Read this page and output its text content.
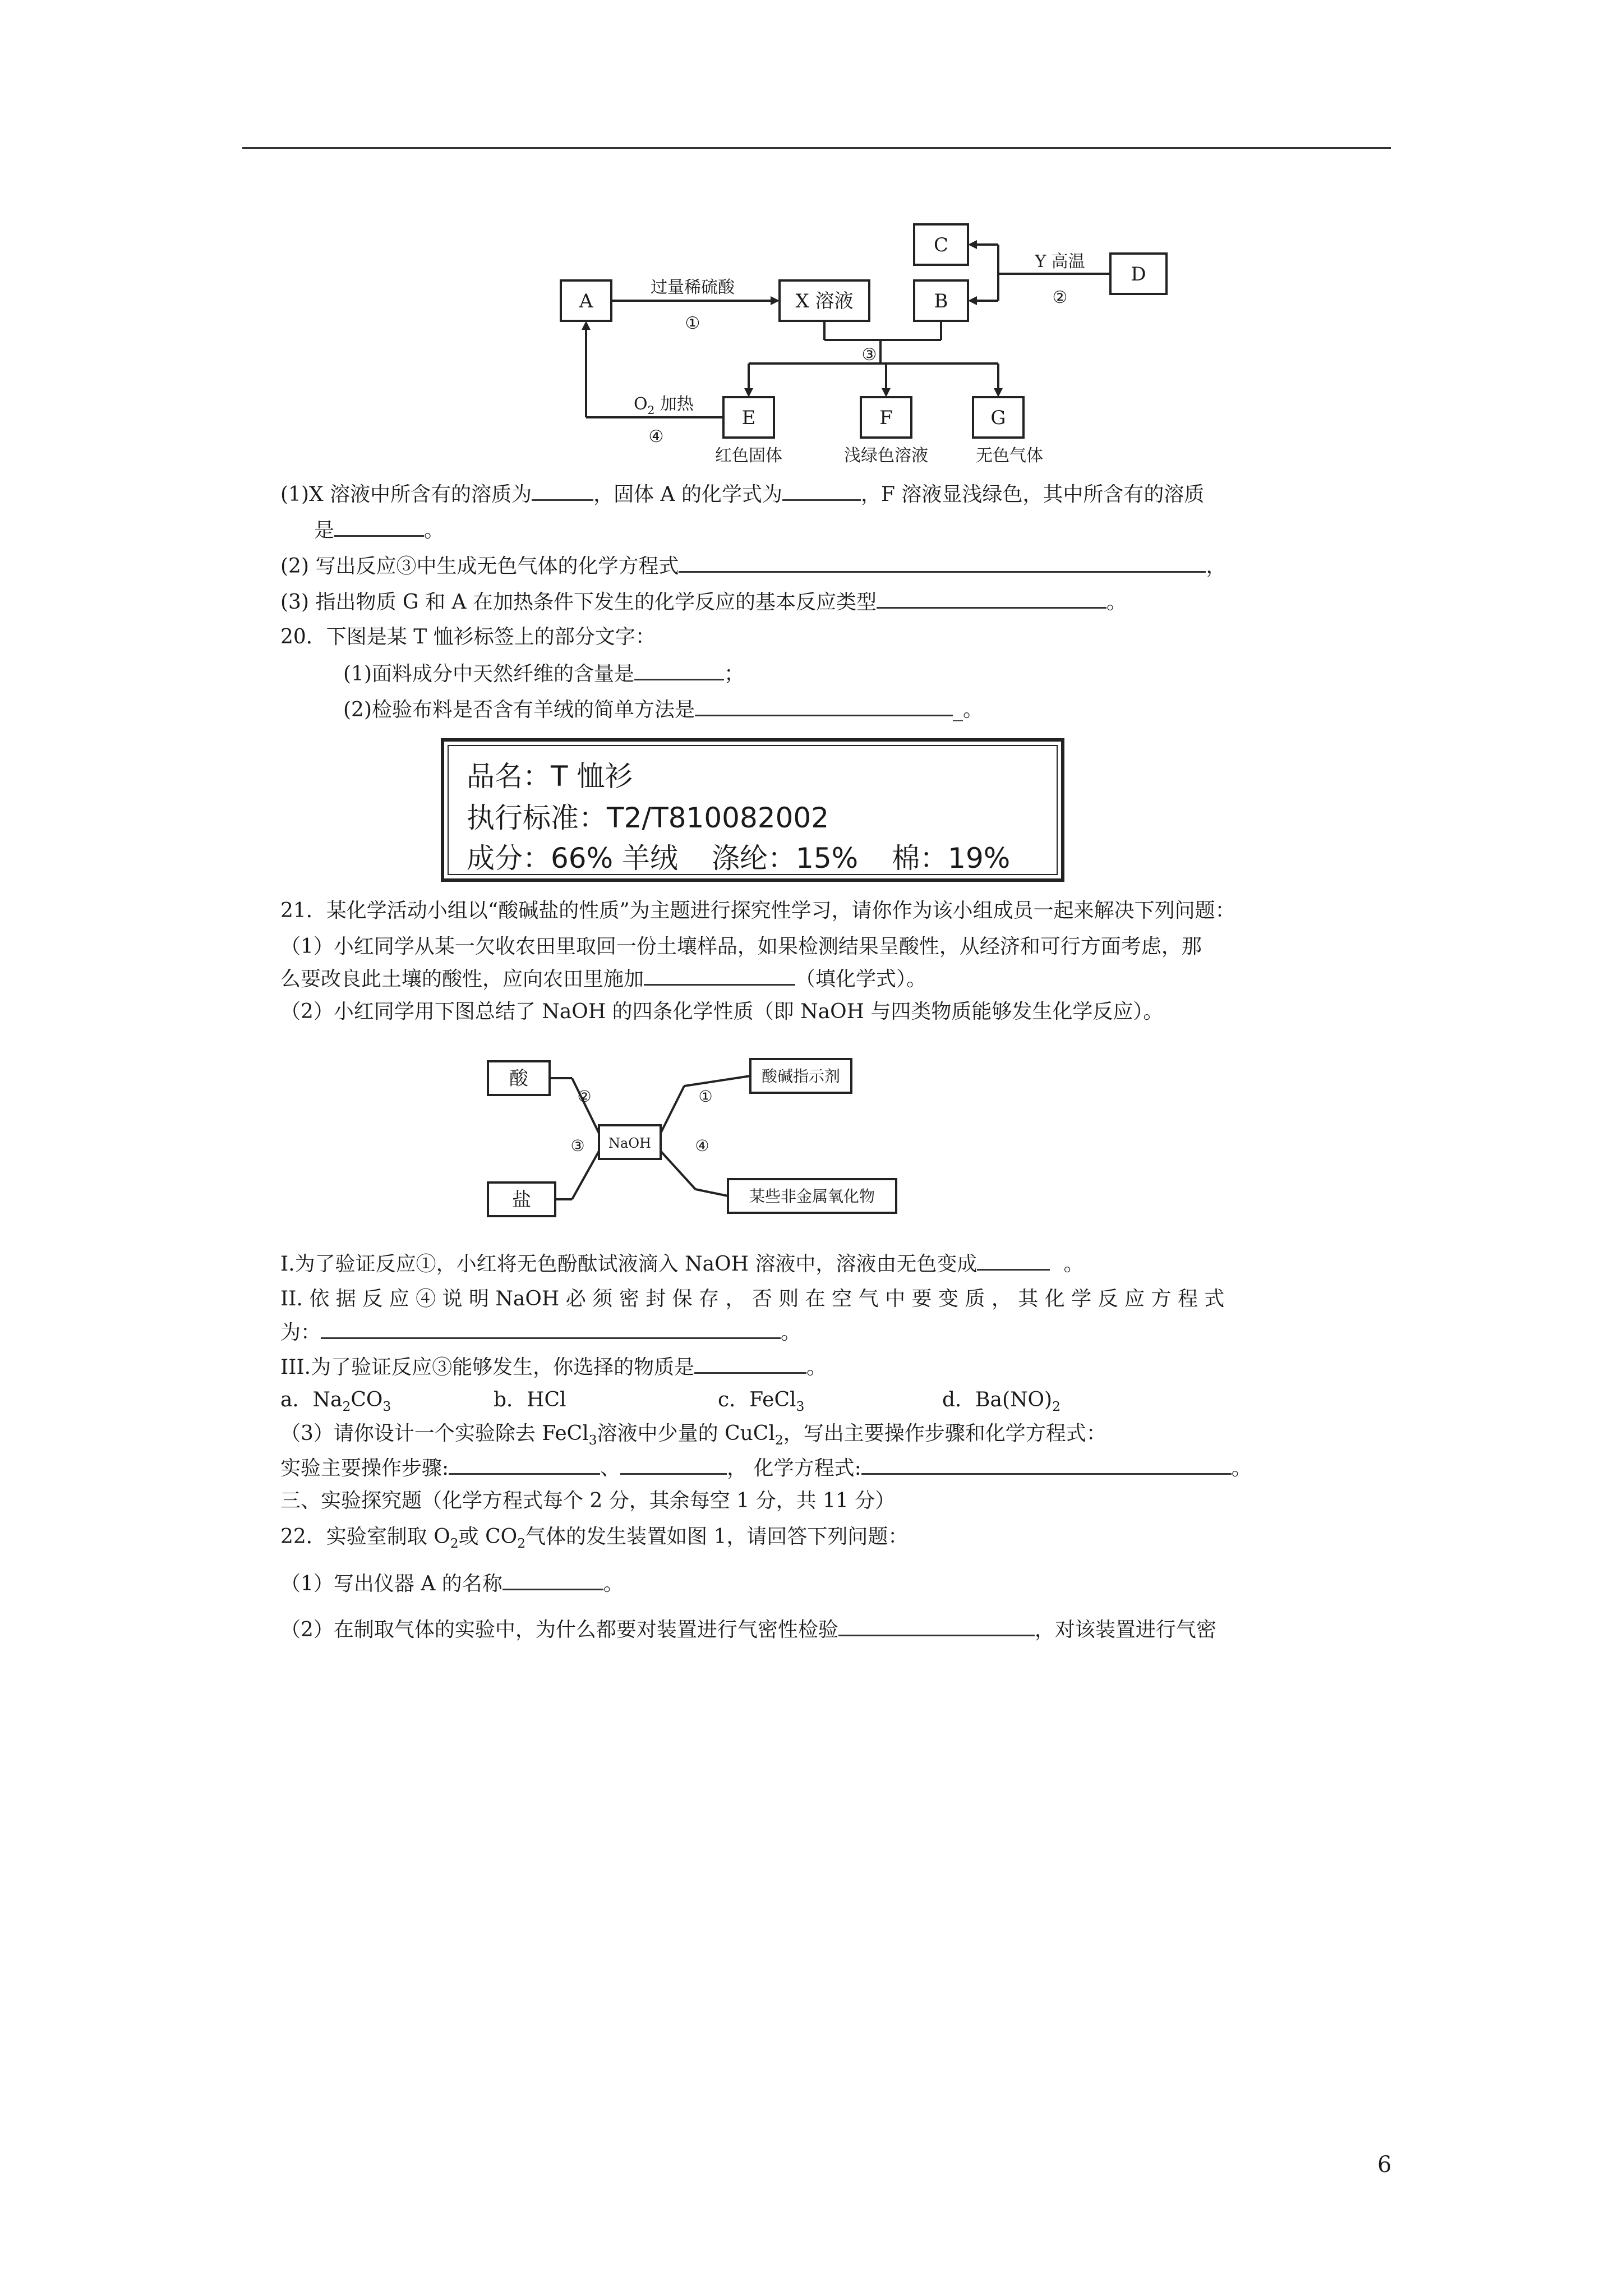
A	X 溶液	B
C
D
E	F	G
过量稀硫酸
①
Y 高温
②
③
$O_2$ 加热
④
红色固体	浅绿色溶液	无色气体
(1)X 溶液中所含有的溶质为	，固体 A 的化学式为	，F 溶液显浅绿色，其中所含有的溶质
是	。
(2) 写出反应③中生成无色气体的化学方程式	，
(3) 指出物质 G 和 A 在加热条件下发生的化学反应的基本反应类型	。
20．下图是某 T 恤衫标签上的部分文字：
(1)面料成分中天然纤维的含量是	；
(2)检验布料是否含有羊绒的简单方法是	_。
品名：T 恤衫
执行标准：T2/T810082002
成分：66% 羊绒 涤纶：15% 棉：19%
21．某化学活动小组以“酸碱盐的性质”为主题进行探究性学习，请你作为该小组成员一起来解决下列问题：
（1）小红同学从某一欠收农田里取回一份土壤样品，如果检测结果呈酸性，从经济和可行方面考虑，那
么要改良此土壤的酸性，应向农田里施加	（填化学式）。
（2）小红同学用下图总结了 NaOH 的四条化学性质（即 NaOH 与四类物质能够发生化学反应）。
酸
盐
酸碱指示剂
某些非金属氧化物
NaOH
②	①
③	④
I.为了验证反应①，小红将无色酚酞试液滴入 NaOH 溶液中，溶液由无色变成	。
II. 依 据 反 应 ④ 说 明 NaOH 必 须 密 封 保 存 ， 否 则 在 空 气 中 要 变 质 ， 其 化 学 反 应 方 程 式
为：	。
III.为了验证反应③能够发生，你选择的物质是	。
a．$Na_2CO_3$	b．HCl	c．FeCl$_3$	d．$Ba(NO)_2$
（3）请你设计一个实验除去 FeCl$_3$溶液中少量的 CuCl$_2$，写出主要操作步骤和化学方程式：
实验主要操作步骤:	、	， 化学方程式:	。
三、实验探究题（化学方程式每个 2 分，其余每空 1 分，共 11 分）
22．实验室制取 $O_2$或 $CO_2$气体的发生装置如图 1，请回答下列问题：
（1）写出仪器 A 的名称	。
（2）在制取气体的实验中，为什么都要对装置进行气密性检验	，对该装置进行气密
6
